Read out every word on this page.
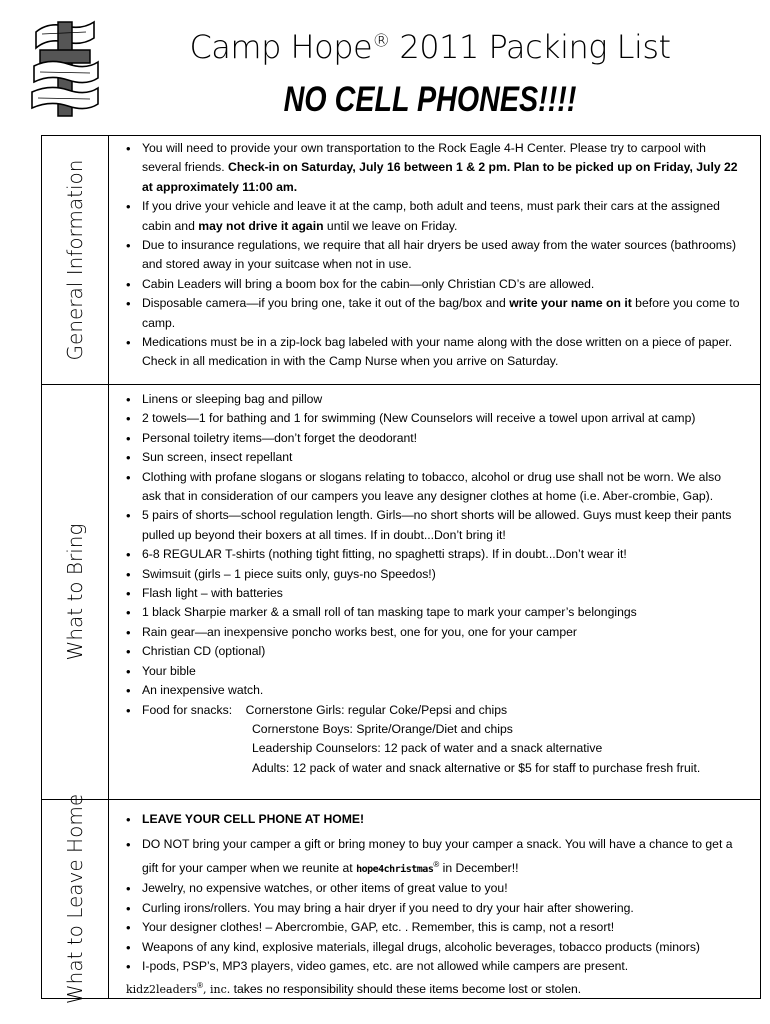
Camp Hope® 2011 Packing List
NO CELL PHONES!!!!
General Information
• You will need to provide your own transportation to the Rock Eagle 4-H Center. Please try to carpool with several friends. Check-in on Saturday, July 16 between 1 & 2 pm. Plan to be picked up on Friday, July 22 at approximately 11:00 am.
• If you drive your vehicle and leave it at the camp, both adult and teens, must park their cars at the assigned cabin and may not drive it again until we leave on Friday.
• Due to insurance regulations, we require that all hair dryers be used away from the water sources (bathrooms) and stored away in your suitcase when not in use.
• Cabin Leaders will bring a boom box for the cabin—only Christian CD’s are allowed.
• Disposable camera—if you bring one, take it out of the bag/box and write your name on it before you come to camp.
• Medications must be in a zip-lock bag labeled with your name along with the dose written on a piece of paper. Check in all medication in with the Camp Nurse when you arrive on Saturday.
What to Bring
• Linens or sleeping bag and pillow
• 2 towels—1 for bathing and 1 for swimming (New Counselors will receive a towel upon arrival at camp)
• Personal toiletry items—don’t forget the deodorant!
• Sun screen, insect repellant
• Clothing with profane slogans or slogans relating to tobacco, alcohol or drug use shall not be worn. We also ask that in consideration of our campers you leave any designer clothes at home (i.e. Aber-crombie, Gap).
• 5 pairs of shorts—school regulation length. Girls—no short shorts will be allowed. Guys must keep their pants pulled up beyond their boxers at all times. If in doubt...Don’t bring it!
• 6-8 REGULAR T-shirts (nothing tight fitting, no spaghetti straps). If in doubt...Don’t wear it!
• Swimsuit (girls – 1 piece suits only, guys-no Speedos!)
• Flash light – with batteries
• 1 black Sharpie marker & a small roll of tan masking tape to mark your camper’s belongings
• Rain gear—an inexpensive poncho works best, one for you, one for your camper
• Christian CD (optional)
• Your bible
• An inexpensive watch.
• Food for snacks: Cornerstone Girls: regular Coke/Pepsi and chips
Cornerstone Boys: Sprite/Orange/Diet and chips
Leadership Counselors: 12 pack of water and a snack alternative
Adults: 12 pack of water and snack alternative or $5 for staff to purchase fresh fruit.
What to Leave Home
•	LEAVE YOUR CELL PHONE AT HOME!
• DO NOT bring your camper a gift or bring money to buy your camper a snack. You will have a chance to get a gift for your camper when we reunite at hope4christmas® in December!!
• Jewelry, no expensive watches, or other items of great value to you!
• Curling irons/rollers. You may bring a hair dryer if you need to dry your hair after showering.
• Your designer clothes! – Abercrombie, GAP, etc. . Remember, this is camp, not a resort!
• Weapons of any kind, explosive materials, illegal drugs, alcoholic beverages, tobacco products (minors)
• I-pods, PSP’s, MP3 players, video games, etc. are not allowed while campers are present.
kidz2leaders®, inc. takes no responsibility should these items become lost or stolen.
